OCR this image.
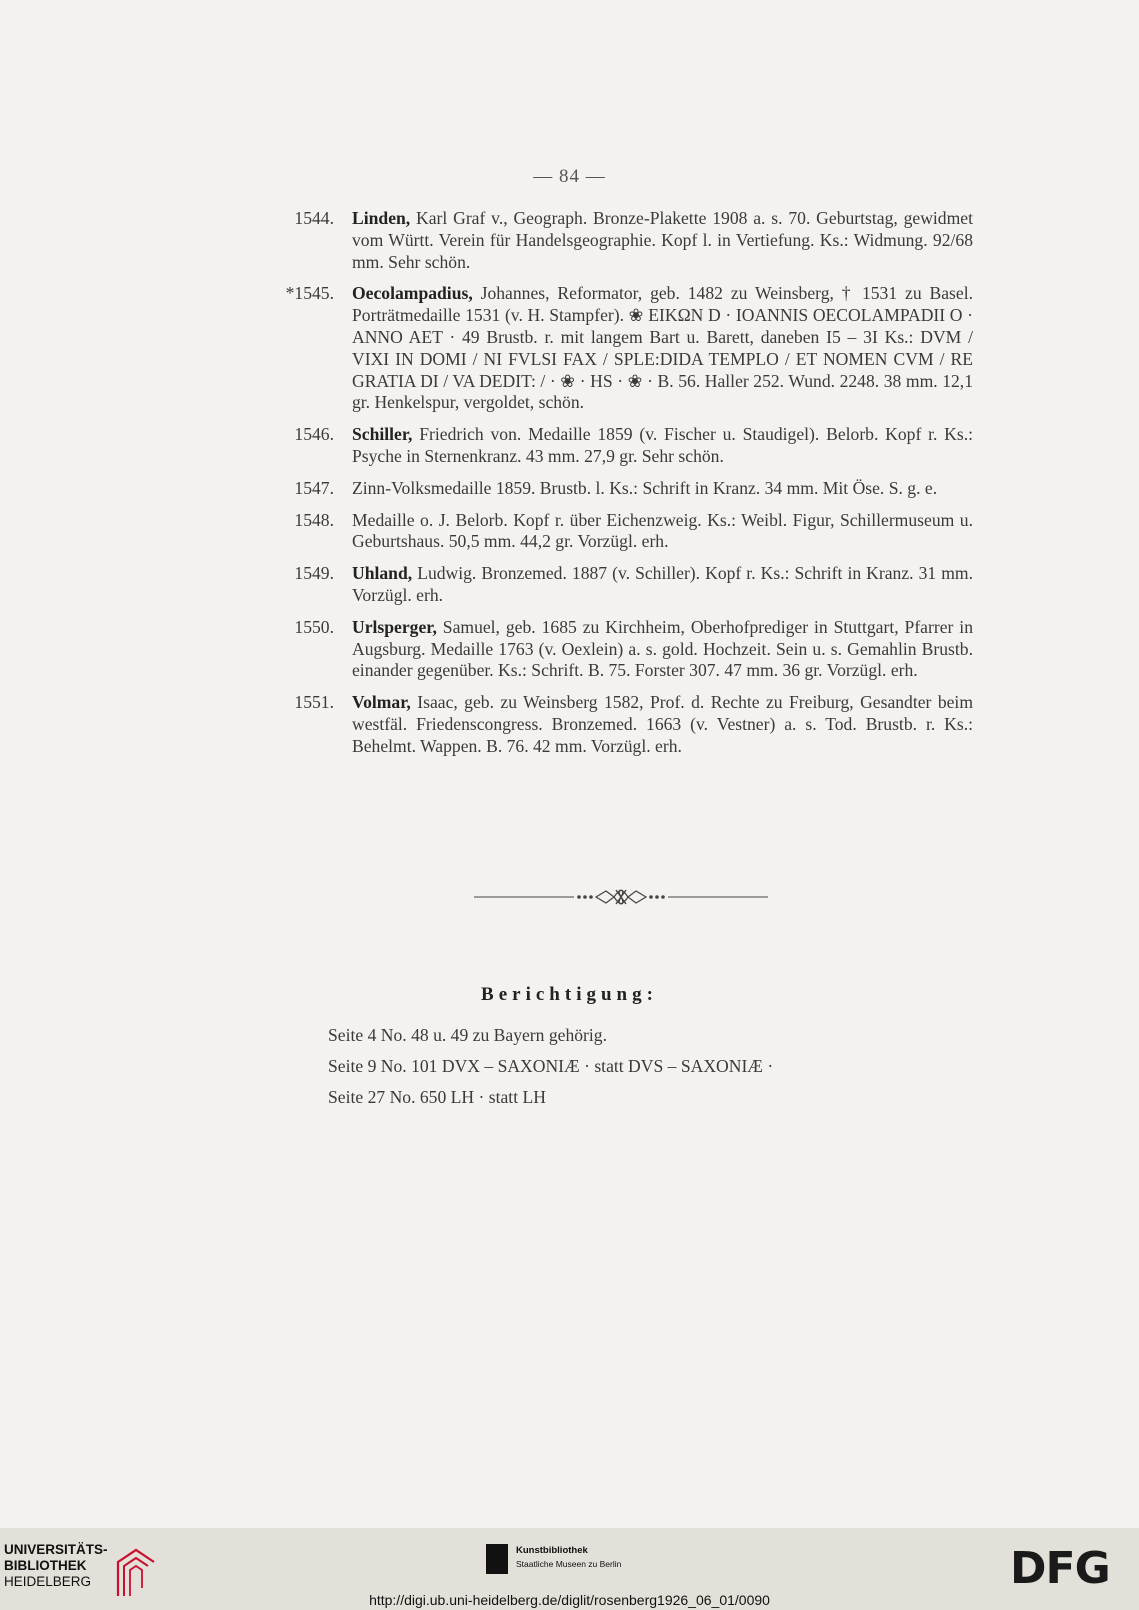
— 84 —
1544. Linden, Karl Graf v., Geograph. Bronze-Plakette 1908 a. s. 70. Geburtstag, gewidmet vom Württ. Verein für Handelsgeographie. Kopf l. in Vertiefung. Ks.: Widmung. 92/68 mm. Sehr schön.
*1545. Oecolampadius, Johannes, Reformator, geb. 1482 zu Weinsberg, † 1531 zu Basel. Porträtmedaille 1531 (v. H. Stampfer). ❀ EIKΩN D · IOANNIS OECOLAMPADII O · ANNO AET · 49 Brustb. r. mit langem Bart u. Barett, daneben I5 – 3I Ks.: DVM / VIXI IN DOMI / NI FVLSI FAX / SPLE:DIDA TEMPLO / ET NOMEN CVM / RE GRATIA DI / VA DEDIT: / · ❀ · HS · ❀ · B. 56. Haller 252. Wund. 2248. 38 mm. 12,1 gr. Henkelspur, vergoldet, schön.
1546. Schiller, Friedrich von. Medaille 1859 (v. Fischer u. Staudigel). Belorb. Kopf r. Ks.: Psyche in Sternenkranz. 43 mm. 27,9 gr. Sehr schön.
1547. Zinn-Volksmedaille 1859. Brustb. l. Ks.: Schrift in Kranz. 34 mm. Mit Öse. S. g. e.
1548. Medaille o. J. Belorb. Kopf r. über Eichenzweig. Ks.: Weibl. Figur, Schillermuseum u. Geburtshaus. 50,5 mm. 44,2 gr. Vorzügl. erh.
1549. Uhland, Ludwig. Bronzemed. 1887 (v. Schiller). Kopf r. Ks.: Schrift in Kranz. 31 mm. Vorzügl. erh.
1550. Urlsperger, Samuel, geb. 1685 zu Kirchheim, Oberhofprediger in Stuttgart, Pfarrer in Augsburg. Medaille 1763 (v. Oexlein) a. s. gold. Hochzeit. Sein u. s. Gemahlin Brustb. einander gegenüber. Ks.: Schrift. B. 75. Forster 307. 47 mm. 36 gr. Vorzügl. erh.
1551. Volmar, Isaac, geb. zu Weinsberg 1582, Prof. d. Rechte zu Freiburg, Gesandter beim westfäl. Friedenscongress. Bronzemed. 1663 (v. Vestner) a. s. Tod. Brustb. r. Ks.: Behelmt. Wappen. B. 76. 42 mm. Vorzügl. erh.
Berichtigung:
Seite 4 No. 48 u. 49 zu Bayern gehörig.
Seite 9 No. 101 DVX – SAXONIÆ · statt DVS – SAXONIÆ ·
Seite 27 No. 650 LH · statt LH
UNIVERSITÄTS-
BIBLIOTHEK
HEIDELBERG
Kunstbibliothek
Staatliche Museen zu Berlin	DFG
http://digi.ub.uni-heidelberg.de/diglit/rosenberg1926_06_01/0090
